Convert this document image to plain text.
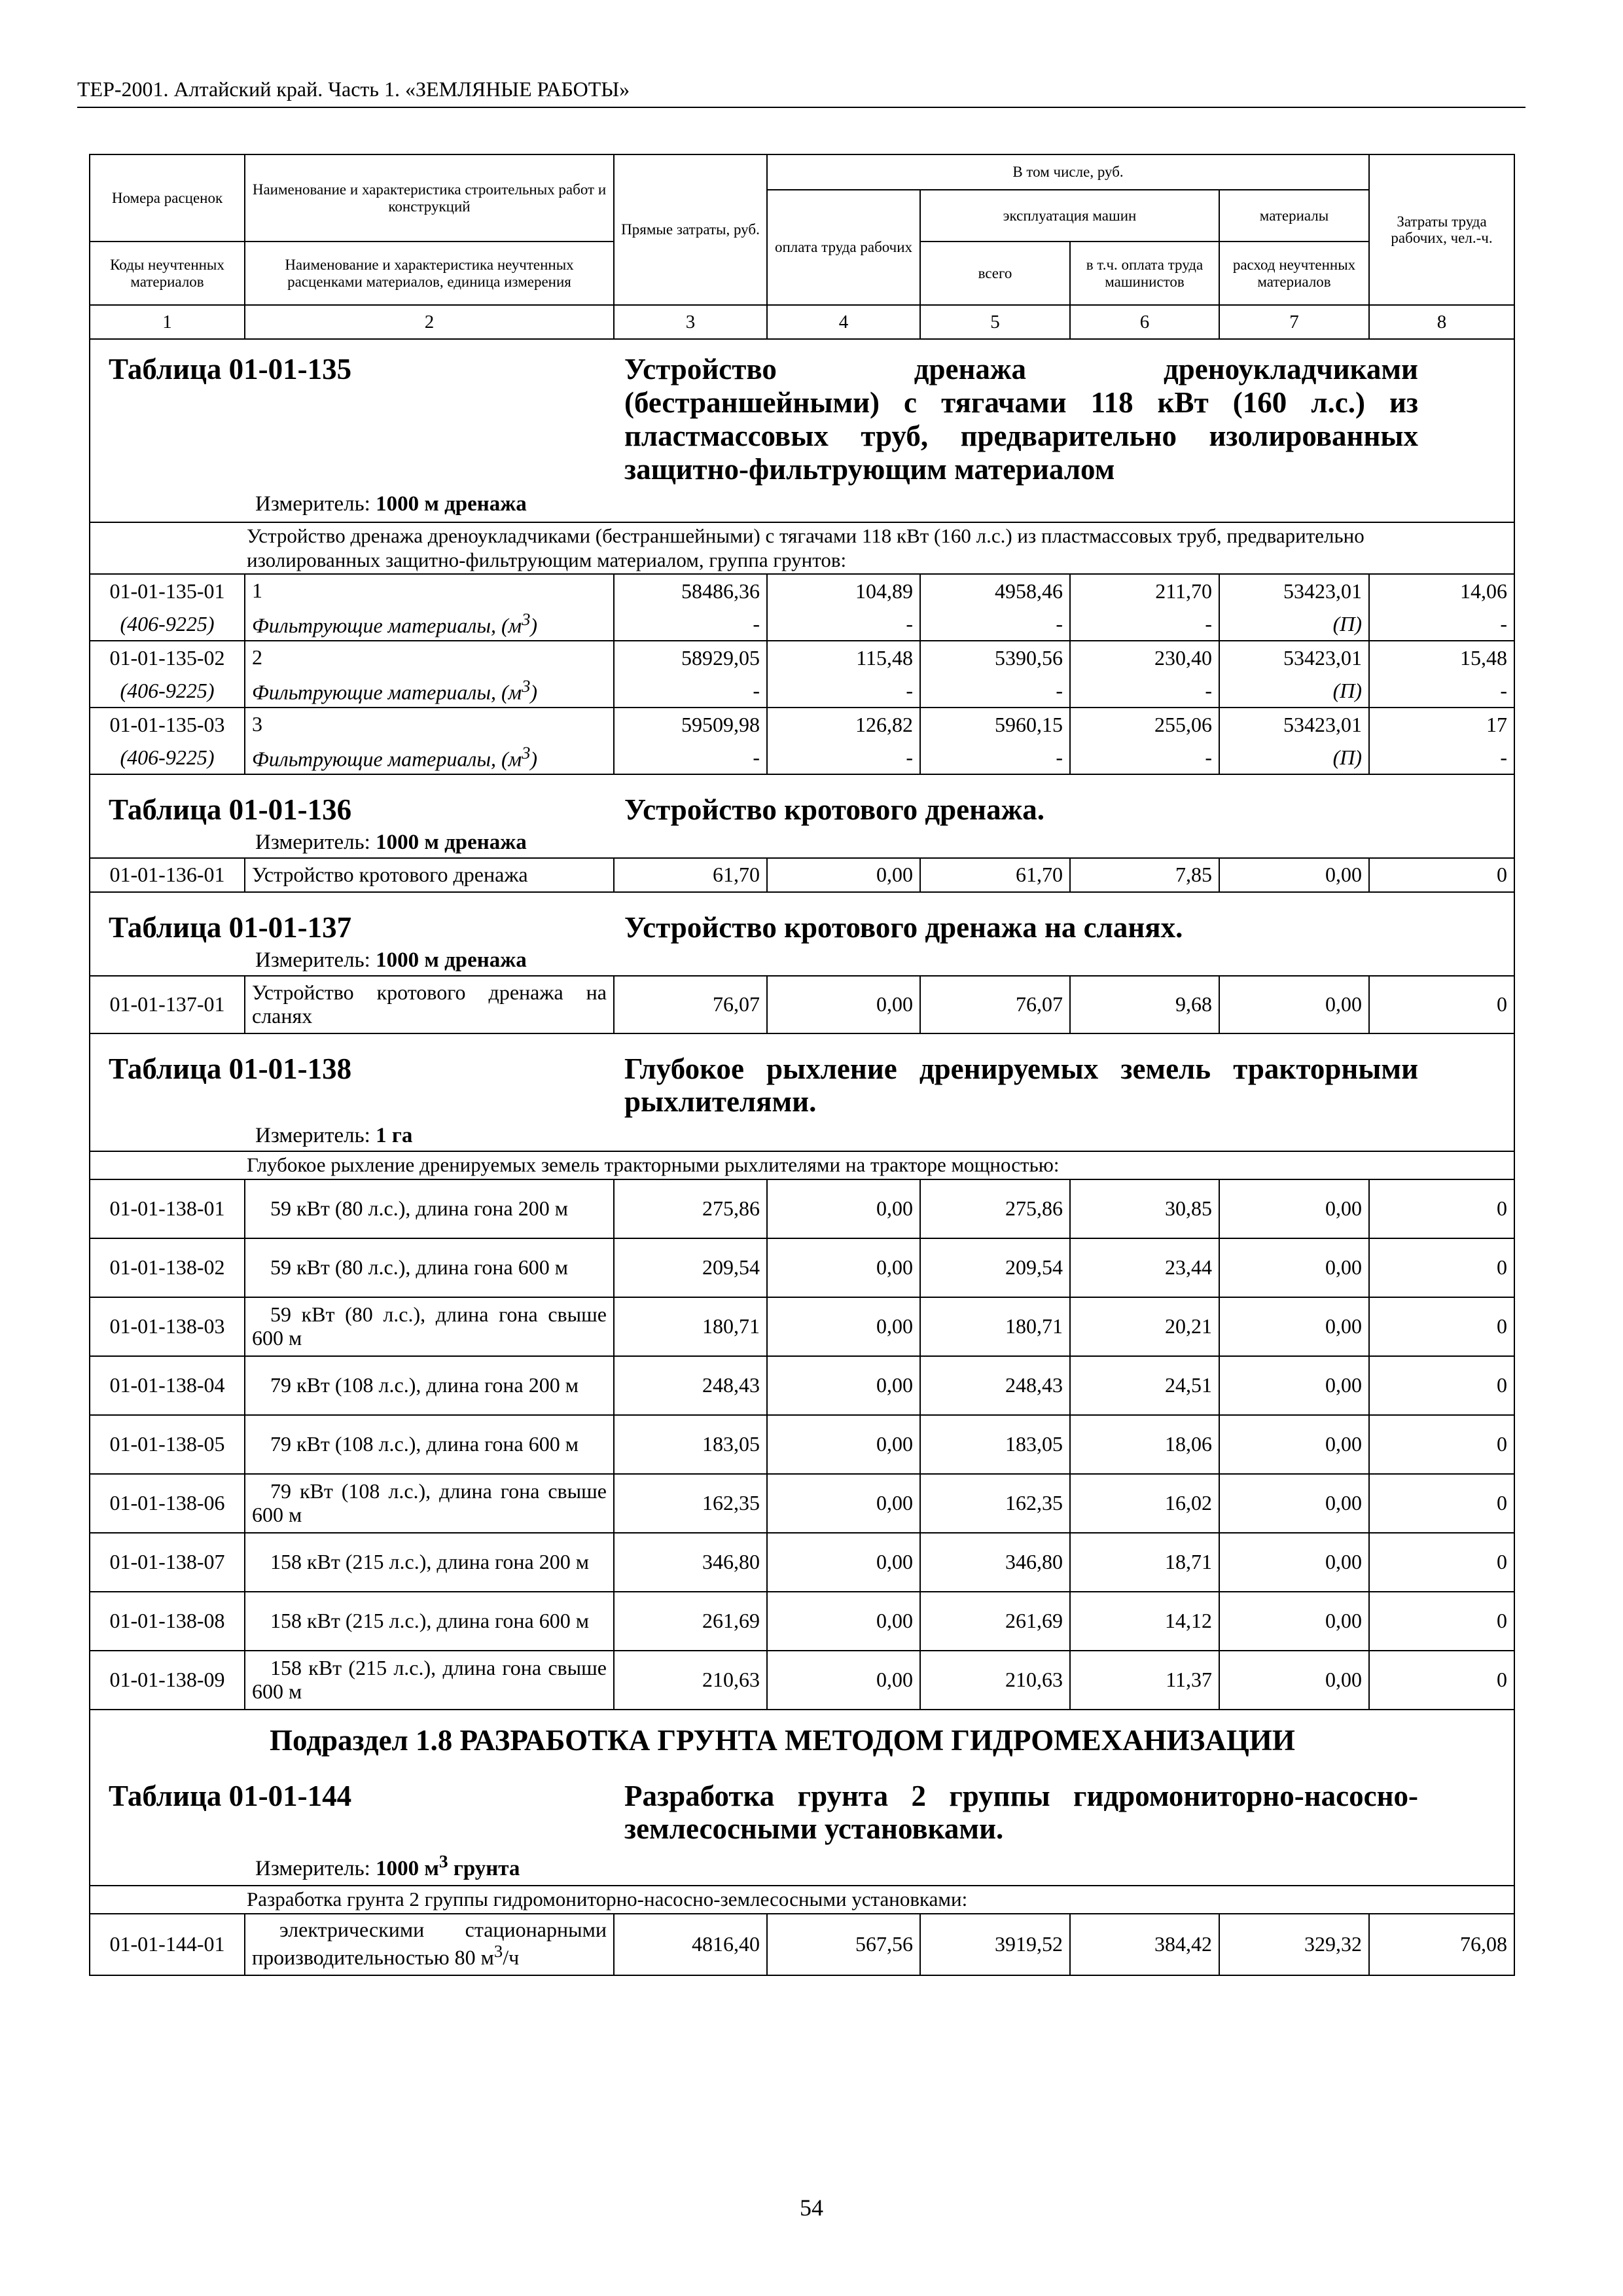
ТЕР-2001. Алтайский край. Часть 1. «ЗЕМЛЯНЫЕ РАБОТЫ»
Номера расценок	Наименование и характеристика строительных работ и конструкций	Прямые затраты, руб.	В том числе, руб.				Затраты труда рабочих, чел.-ч.
			оплата труда рабочих	эксплуатация машин		материалы	
Коды неучтенных материалов	Наименование и характеристика неучтенных расценками материалов, единица измерения			всего	в т.ч. оплата труда машинистов	расход неучтенных материалов	
1	2	3	4	5	6	7	8

Таблица 01-01-135 Устройство дренажа дреноукладчиками (бестраншейными) с тягачами 118 кВт (160 л.с.) из пластмассовых труб, предварительно изолированных защитно-фильтрующим материалом
Измеритель: 1000 м дренажа							

	Устройство дренажа дреноукладчиками (бестраншейными) с тягачами 118 кВт (160 л.с.) из пластмассовых труб, предварительно изолированных защитно-фильтрующим материалом, группа грунтов:						
01-01-135-01	1	58486,36	104,89	4958,46	211,70	53423,01	14,06
(406-9225)	Фильтрующие материалы, $(м^3)$	-	-	-	-	(П)	-
01-01-135-02	2	58929,05	115,48	5390,56	230,40	53423,01	15,48
(406-9225)	Фильтрующие материалы, $(м^3)$	-	-	-	-	(П)	-
01-01-135-03	3	59509,98	126,82	5960,15	255,06	53423,01	17
(406-9225)	Фильтрующие материалы, $(м^3)$	-	-	-	-	(П)	-

Таблица 01-01-136 Устройство кротового дренажа.
Измеритель: 1000 м дренажа							

01-01-136-01	Устройство кротового дренажа	61,70	0,00	61,70	7,85	0,00	0

Таблица 01-01-137 Устройство кротового дренажа на сланях.
Измеритель: 1000 м дренажа							

01-01-137-01	Устройство кротового дренажа на сланях	76,07	0,00	76,07	9,68	0,00	0

Таблица 01-01-138 Глубокое рыхление дренируемых земель тракторными рыхлителями.
Измеритель: 1 га							

	Глубокое рыхление дренируемых земель тракторными рыхлителями на тракторе мощностью:						
01-01-138-01	59 кВт (80 л.с.), длина гона 200 м	275,86	0,00	275,86	30,85	0,00	0
01-01-138-02	59 кВт (80 л.с.), длина гона 600 м	209,54	0,00	209,54	23,44	0,00	0
01-01-138-03	59 кВт (80 л.с.), длина гона свыше 600 м	180,71	0,00	180,71	20,21	0,00	0
01-01-138-04	79 кВт (108 л.с.), длина гона 200 м	248,43	0,00	248,43	24,51	0,00	0
01-01-138-05	79 кВт (108 л.с.), длина гона 600 м	183,05	0,00	183,05	18,06	0,00	0
01-01-138-06	79 кВт (108 л.с.), длина гона свыше 600 м	162,35	0,00	162,35	16,02	0,00	0
01-01-138-07	158 кВт (215 л.с.), длина гона 200 м	346,80	0,00	346,80	18,71	0,00	0
01-01-138-08	158 кВт (215 л.с.), длина гона 600 м	261,69	0,00	261,69	14,12	0,00	0
01-01-138-09	158 кВт (215 л.с.), длина гона свыше 600 м	210,63	0,00	210,63	11,37	0,00	0

Подраздел 1.8 РАЗРАБОТКА ГРУНТА МЕТОДОМ ГИДРОМЕХАНИЗАЦИИ
Таблица 01-01-144 Разработка грунта 2 группы гидромониторно-насосно-землесосными установками.
Измеритель: 1000 $м^3$ грунта							

	Разработка грунта 2 группы гидромониторно-насосно-землесосными установками:						
01-01-144-01	электрическими стационарными производительностью 80 $м^3/ч$	4816,40	567,56	3919,52	384,42	329,32	76,08
54
